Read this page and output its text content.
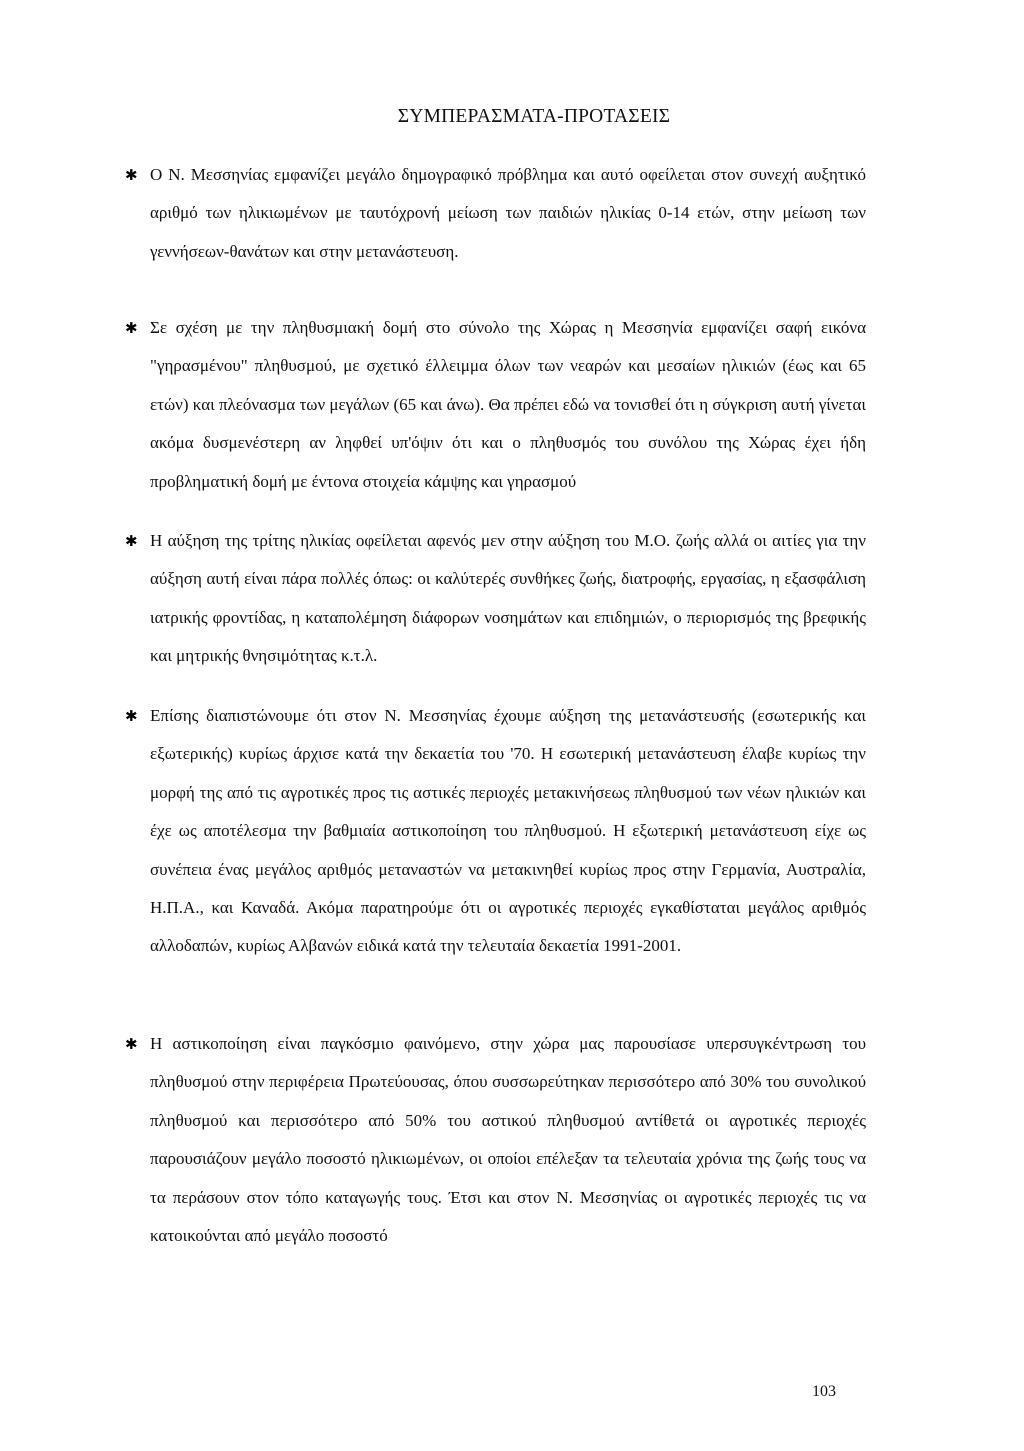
ΣΥΜΠΕΡΑΣΜΑΤΑ-ΠΡΟΤΑΣΕΙΣ
✱ Ο Ν. Μεσσηνίας εμφανίζει μεγάλο δημογραφικό πρόβλημα και αυτό οφείλεται στον συνεχή αυξητικό αριθμό των ηλικιωμένων με ταυτόχρονή μείωση των παιδιών ηλικίας 0-14 ετών, στην μείωση των γεννήσεων-θανάτων και στην μετανάστευση.

✱ Σε σχέση με την πληθυσμιακή δομή στο σύνολο της Χώρας η Μεσσηνία εμφανίζει σαφή εικόνα "γηρασμένου" πληθυσμού, με σχετικό έλλειμμα όλων των νεαρών και μεσαίων ηλικιών (έως και 65 ετών) και πλεόνασμα των μεγάλων (65 και άνω). Θα πρέπει εδώ να τονισθεί ότι η σύγκριση αυτή γίνεται ακόμα δυσμενέστερη αν ληφθεί υπ'όψιν ότι και ο πληθυσμός του συνόλου της Χώρας έχει ήδη προβληματική δομή με έντονα στοιχεία κάμψης και γηρασμού

✱ Η αύξηση της τρίτης ηλικίας οφείλεται αφενός μεν στην αύξηση του Μ.Ο. ζωής αλλά οι αιτίες για την αύξηση αυτή είναι πάρα πολλές όπως: οι καλύτερές συνθήκες ζωής, διατροφής, εργασίας, η εξασφάλιση ιατρικής φροντίδας, η καταπολέμηση διάφορων νοσημάτων και επιδημιών, ο περιορισμός της βρεφικής και μητρικής θνησιμότητας κ.τ.λ.

✱ Επίσης διαπιστώνουμε ότι στον Ν. Μεσσηνίας έχουμε αύξηση της μετανάστευσής (εσωτερικής και εξωτερικής) κυρίως άρχισε κατά την δεκαετία του '70. Η εσωτερική μετανάστευση έλαβε κυρίως την μορφή της από τις αγροτικές προς τις αστικές περιοχές μετακινήσεως πληθυσμού των νέων ηλικιών και έχε ως αποτέλεσμα την βαθμιαία αστικοποίηση του πληθυσμού. Η εξωτερική μετανάστευση είχε ως συνέπεια ένας μεγάλος αριθμός μεταναστών να μετακινηθεί κυρίως προς στην Γερμανία, Αυστραλία, Η.Π.Α., και Καναδά. Ακόμα παρατηρούμε ότι οι αγροτικές περιοχές εγκαθίσταται μεγάλος αριθμός αλλοδαπών, κυρίως Αλβανών ειδικά κατά την τελευταία δεκαετία 1991-2001.

✱ Η αστικοποίηση είναι παγκόσμιο φαινόμενο, στην χώρα μας παρουσίασε υπερσυγκέντρωση του πληθυσμού στην περιφέρεια Πρωτεύουσας, όπου συσσωρεύτηκαν περισσότερο από 30% του συνολικού πληθυσμού και περισσότερο από 50% του αστικού πληθυσμού αντίθετά οι αγροτικές περιοχές παρουσιάζουν μεγάλο ποσοστό ηλικιωμένων, οι οποίοι επέλεξαν τα τελευταία χρόνια της ζωής τους να τα περάσουν στον τόπο καταγωγής τους. Έτσι και στον Ν. Μεσσηνίας οι αγροτικές περιοχές τις να κατοικούνται από μεγάλο ποσοστό

103
